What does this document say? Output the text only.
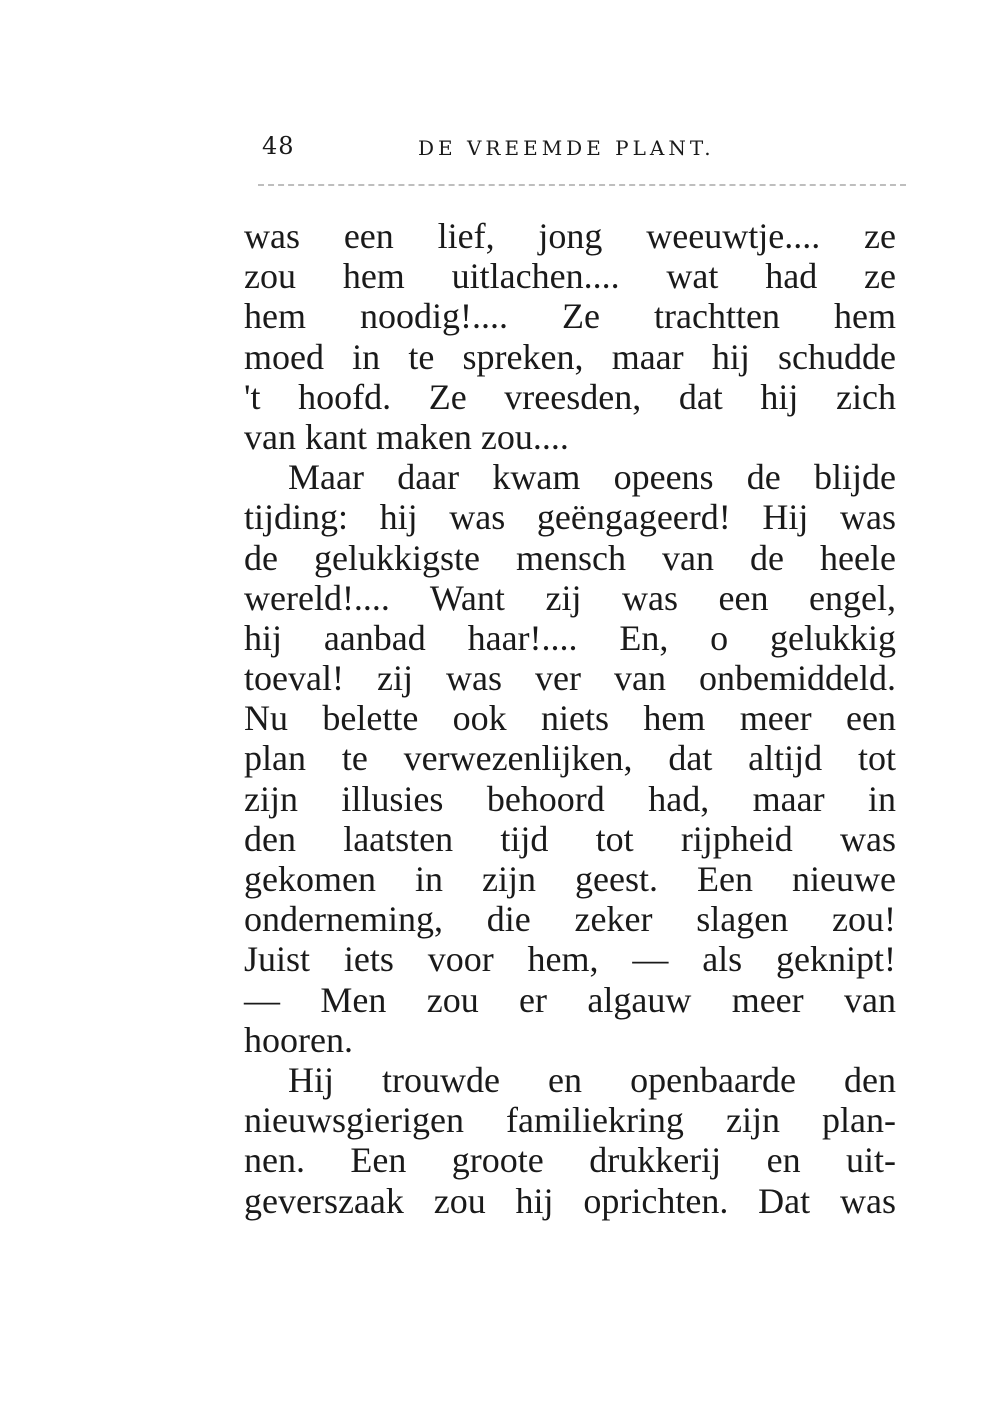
48	DE VREEMDE PLANT.
was een lief, jong weeuwtje.... ze
zou hem uitlachen.... wat had ze
hem noodig!.... Ze trachtten hem
moed in te spreken, maar hij schudde
't hoofd. Ze vreesden, dat hij zich
van kant maken zou....
Maar daar kwam opeens de blijde
tijding: hij was geëngageerd! Hij was
de gelukkigste mensch van de heele
wereld!.... Want zij was een engel,
hij aanbad haar!.... En, o gelukkig
toeval! zij was ver van onbemiddeld.
Nu belette ook niets hem meer een
plan te verwezenlijken, dat altijd tot
zijn illusies behoord had, maar in
den laatsten tijd tot rijpheid was
gekomen in zijn geest. Een nieuwe
onderneming, die zeker slagen zou!
Juist iets voor hem, — als geknipt!
— Men zou er algauw meer van
hooren.
Hij trouwde en openbaarde den
nieuwsgierigen familiekring zijn plan-
nen. Een groote drukkerij en uit-
geverszaak zou hij oprichten. Dat was
